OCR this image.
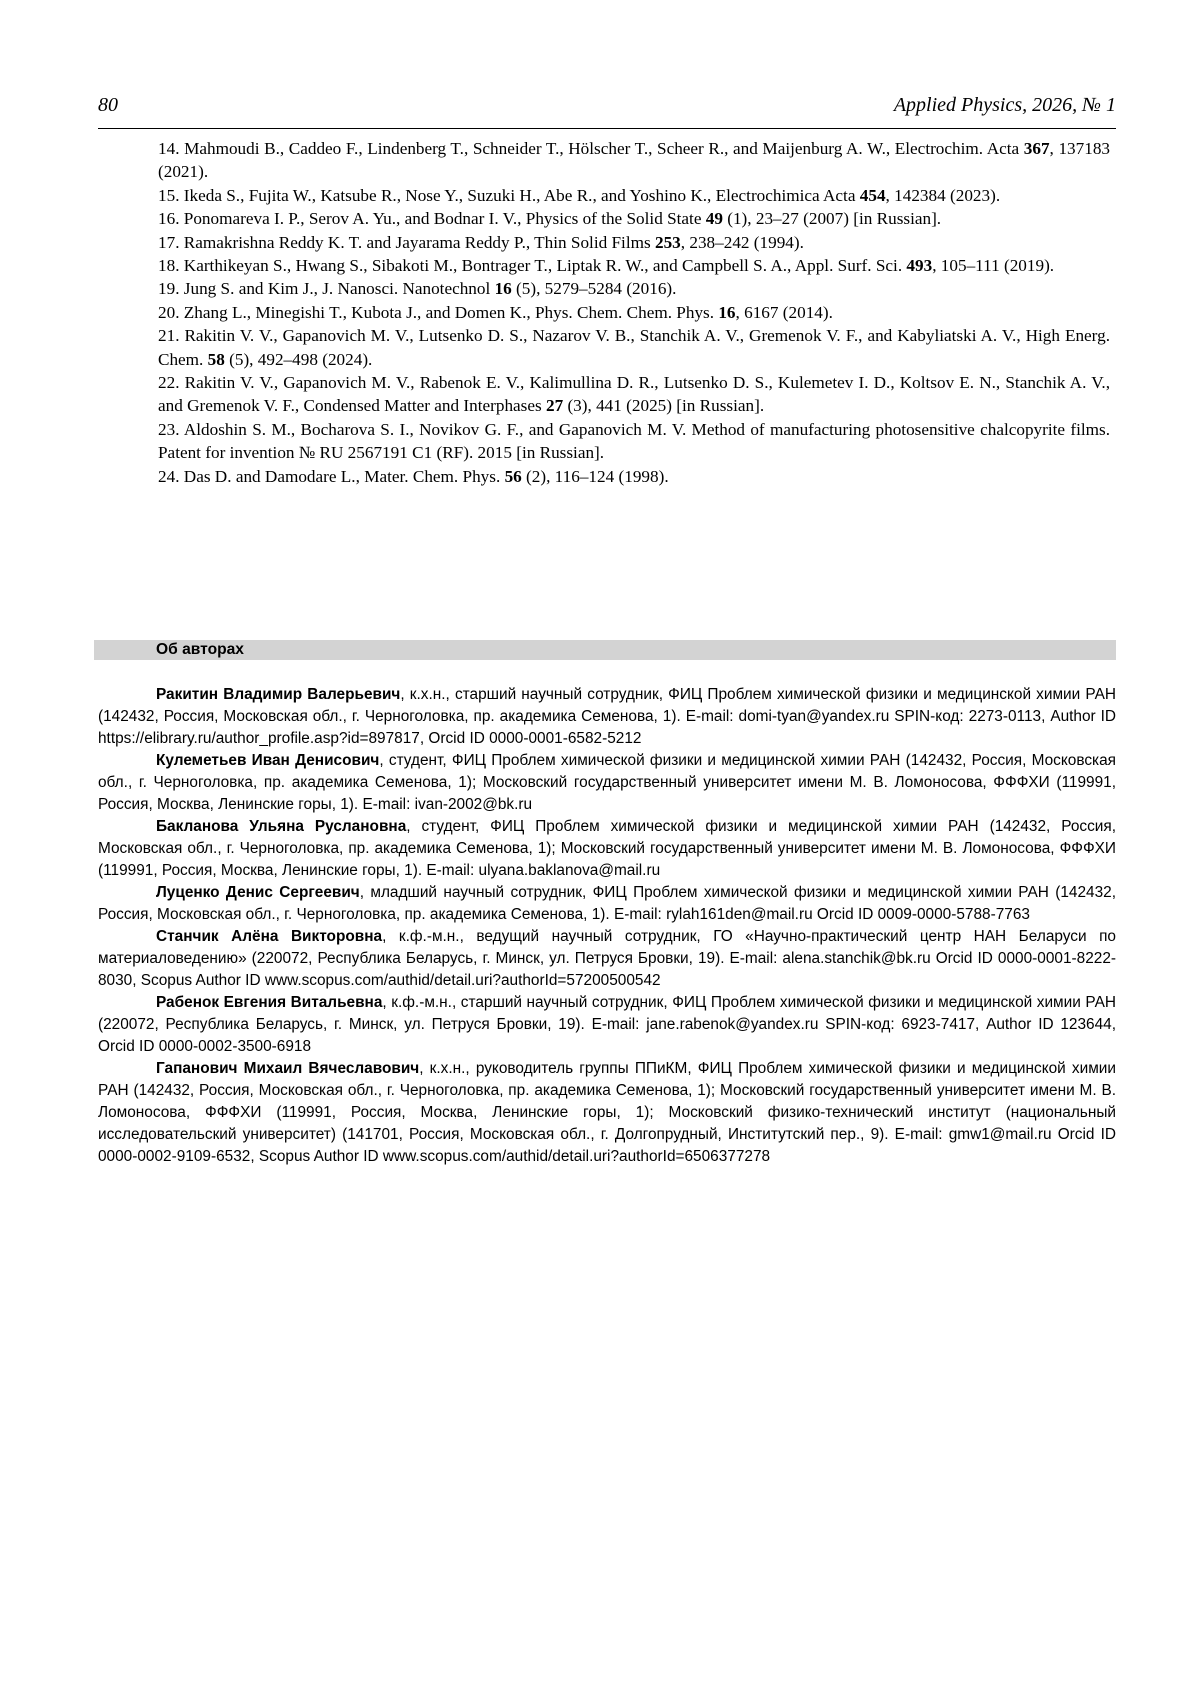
80	Applied Physics, 2026, № 1

14. Mahmoudi B., Caddeo F., Lindenberg T., Schneider T., Hölscher T., Scheer R., and Maijenburg A. W., Electrochim. Acta 367, 137183 (2021).

15. Ikeda S., Fujita W., Katsube R., Nose Y., Suzuki H., Abe R., and Yoshino K., Electrochimica Acta 454, 142384 (2023).

16. Ponomareva I. P., Serov A. Yu., and Bodnar I. V., Physics of the Solid State 49 (1), 23–27 (2007) [in Russian].

17. Ramakrishna Reddy K. T. and Jayarama Reddy P., Thin Solid Films 253, 238–242 (1994).

18. Karthikeyan S., Hwang S., Sibakoti M., Bontrager T., Liptak R. W., and Campbell S. A., Appl. Surf. Sci. 493, 105–111 (2019).

19. Jung S. and Kim J., J. Nanosci. Nanotechnol 16 (5), 5279–5284 (2016).

20. Zhang L., Minegishi T., Kubota J., and Domen K., Phys. Chem. Chem. Phys. 16, 6167 (2014).

21. Rakitin V. V., Gapanovich M. V., Lutsenko D. S., Nazarov V. B., Stanchik A. V., Gremenok V. F., and Kabyliatski A. V., High Energ. Chem. 58 (5), 492–498 (2024).

22. Rakitin V. V., Gapanovich M. V., Rabenok E. V., Kalimullina D. R., Lutsenko D. S., Kulemetev I. D., Koltsov E. N., Stanchik A. V., and Gremenok V. F., Condensed Matter and Interphases 27 (3), 441 (2025) [in Russian].

23. Aldoshin S. M., Bocharova S. I., Novikov G. F., and Gapanovich M. V. Method of manufacturing photosensitive chalcopyrite films. Patent for invention № RU 2567191 C1 (RF). 2015 [in Russian].

24. Das D. and Damodare L., Mater. Chem. Phys. 56 (2), 116–124 (1998).

Об авторах

Ракитин Владимир Валерьевич, к.х.н., старший научный сотрудник, ФИЦ Проблем химической физики и медицинской химии РАН (142432, Россия, Московская обл., г. Черноголовка, пр. академика Семенова, 1). E-mail: domi-tyan@yandex.ru SPIN-код: 2273-0113, Author ID https://elibrary.ru/author_profile.asp?id=897817, Orcid ID 0000-0001-6582-5212

Кулеметьев Иван Денисович, студент, ФИЦ Проблем химической физики и медицинской химии РАН (142432, Россия, Московская обл., г. Черноголовка, пр. академика Семенова, 1); Московский государственный университет имени М. В. Ломоносова, ФФФХИ (119991, Россия, Москва, Ленинские горы, 1). E-mail: ivan-2002@bk.ru

Бакланова Ульяна Руслановна, студент, ФИЦ Проблем химической физики и медицинской химии РАН (142432, Россия, Московская обл., г. Черноголовка, пр. академика Семенова, 1); Московский государственный университет имени М. В. Ломоносова, ФФФХИ (119991, Россия, Москва, Ленинские горы, 1). E-mail: ulyana.baklanova@mail.ru

Луценко Денис Сергеевич, младший научный сотрудник, ФИЦ Проблем химической физики и медицинской химии РАН (142432, Россия, Московская обл., г. Черноголовка, пр. академика Семенова, 1). E-mail: rylah161den@mail.ru Orcid ID 0009-0000-5788-7763

Станчик Алёна Викторовна, к.ф.-м.н., ведущий научный сотрудник, ГО «Научно-практический центр НАН Беларуси по материаловедению» (220072, Республика Беларусь, г. Минск, ул. Петруся Бровки, 19). E-mail: alena.stanchik@bk.ru Orcid ID 0000-0001-8222-8030, Scopus Author ID www.scopus.com/authid/detail.uri?authorId=57200500542

Рабенок Евгения Витальевна, к.ф.-м.н., старший научный сотрудник, ФИЦ Проблем химической физики и медицинской химии РАН (220072, Республика Беларусь, г. Минск, ул. Петруся Бровки, 19). E-mail: jane.rabenok@yandex.ru SPIN-код: 6923-7417, Author ID 123644, Orcid ID 0000-0002-3500-6918

Гапанович Михаил Вячеславович, к.х.н., руководитель группы ППиКМ, ФИЦ Проблем химической физики и медицинской химии РАН (142432, Россия, Московская обл., г. Черноголовка, пр. академика Семенова, 1); Московский государственный университет имени М. В. Ломоносова, ФФФХИ (119991, Россия, Москва, Ленинские горы, 1); Московский физико-технический институт (национальный исследовательский университет) (141701, Россия, Московская обл., г. Долгопрудный, Институтский пер., 9). E-mail: gmw1@mail.ru Orcid ID 0000-0002-9109-6532, Scopus Author ID www.scopus.com/authid/detail.uri?authorId=6506377278
